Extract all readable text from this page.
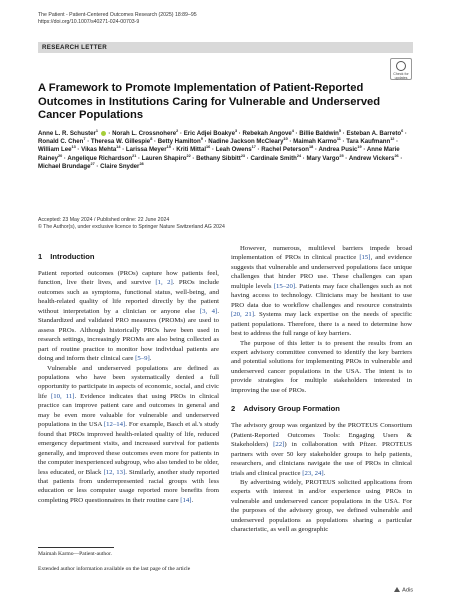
The Patient - Patient-Centered Outcomes Research (2025) 18:89–95
https://doi.org/10.1007/s40271-024-00703-9
RESEARCH LETTER
Check for updates
A Framework to Promote Implementation of Patient-Reported Outcomes in Institutions Caring for Vulnerable and Underserved Cancer Populations
Anne L. R. Schuster$^1$  · Norah L. Crossnohere$^2$ · Eric Adjei Boakye$^3$ · Rebekah Angove$^4$ · Billie Baldwin$^5$ · Esteban A. Barreto$^6$ · Ronald C. Chen$^7$ · Theresa W. Gillespie$^8$ · Betty Hamilton$^9$ · Nadine Jackson McCleary$^{10}$ · Maimah Karmo$^{11}$ · Tara Kaufmann$^{12}$ · William Lee$^{13}$ · Vikas Mehta$^{14}$ · Larissa Meyer$^{15}$ · Kriti Mittal$^{16}$ · Leah Owens$^{17}$ · Rachel Peterson$^{18}$ · Andrea Pusic$^{19}$ · Anne Marie Rainey$^{20}$ · Angelique Richardson$^{21}$ · Lauren Shapiro$^{22}$ · Bethany Sibbitt$^{23}$ · Cardinale Smith$^{24}$ · Mary Vargo$^{25}$ · Andrew Vickers$^{26}$ · Michael Brundage$^{27}$ · Claire Snyder$^{28}$
Accepted: 23 May 2024 / Published online: 22 June 2024
© The Author(s), under exclusive licence to Springer Nature Switzerland AG 2024
1 Introduction

Patient reported outcomes (PROs) capture how patients feel, function, live their lives, and survive [1, 2]. PROs include outcomes such as symptoms, functional status, well-being, and health-related quality of life reported directly by the patient without interpretation by a clinician or anyone else [3, 4]. Standardized and validated PRO measures (PROMs) are used to assess PROs. Although historically PROs have been used in research settings, increasingly PROMs are also being collected as part of routine practice to monitor how individual patients are doing and inform their clinical care [5–9].

Vulnerable and underserved populations are defined as populations who have been systematically denied a full opportunity to participate in aspects of economic, social, and civic life [10, 11]. Evidence indicates that using PROs in clinical practice can improve patient care and outcomes in general and may be even more valuable for vulnerable and underserved populations in the USA [12–14]. For example, Basch et al.'s study found that PROs improved health-related quality of life, reduced emergency department visits, and increased survival for patients generally, and improved these outcomes even more for patients in the computer inexperienced subgroup, who also tended to be older, less educated, or Black [12, 13]. Similarly, another study reported that patients from underrepresented racial groups with less education or less computer usage reported more benefits from completing PRO questionnaires in their routine care [14].

However, numerous, multilevel barriers impede broad implementation of PROs in clinical practice [15], and evidence suggests that vulnerable and underserved populations face unique challenges that hinder PRO use. These challenges can span multiple levels [15–20]. Patients may face challenges such as not having access to technology. Clinicians may be hesitant to use PRO data due to workflow challenges and resource constraints [20, 21]. Systems may lack expertise on the needs of specific patient populations. Therefore, there is a need to determine how best to address the full range of key barriers.

The purpose of this letter is to present the results from an expert advisory committee convened to identify the key barriers and potential solutions for implementing PROs in vulnerable and underserved cancer populations in the USA. The intent is to provide strategies for multiple stakeholders interested in improving the use of PROs.

2 Advisory Group Formation

The advisory group was organized by the PROTEUS Consortium (Patient-Reported Outcomes Tools: Engaging Users & Stakeholders) [22]) in collaboration with Pfizer. PROTEUS partners with over 50 key stakeholder groups to help patients, researchers, and clinicians navigate the use of PROs in clinical trials and clinical practice [23, 24].

By advertising widely, PROTEUS solicited applications from experts with interest in and/or experience using PROs in vulnerable and underserved cancer populations in the USA. For the purposes of the advisory group, we defined vulnerable and underserved populations as populations sharing a particular characteristic, as well as geographic

Maimah Karmo—Patient-author.
Extended author information available on the last page of the article
Adis
